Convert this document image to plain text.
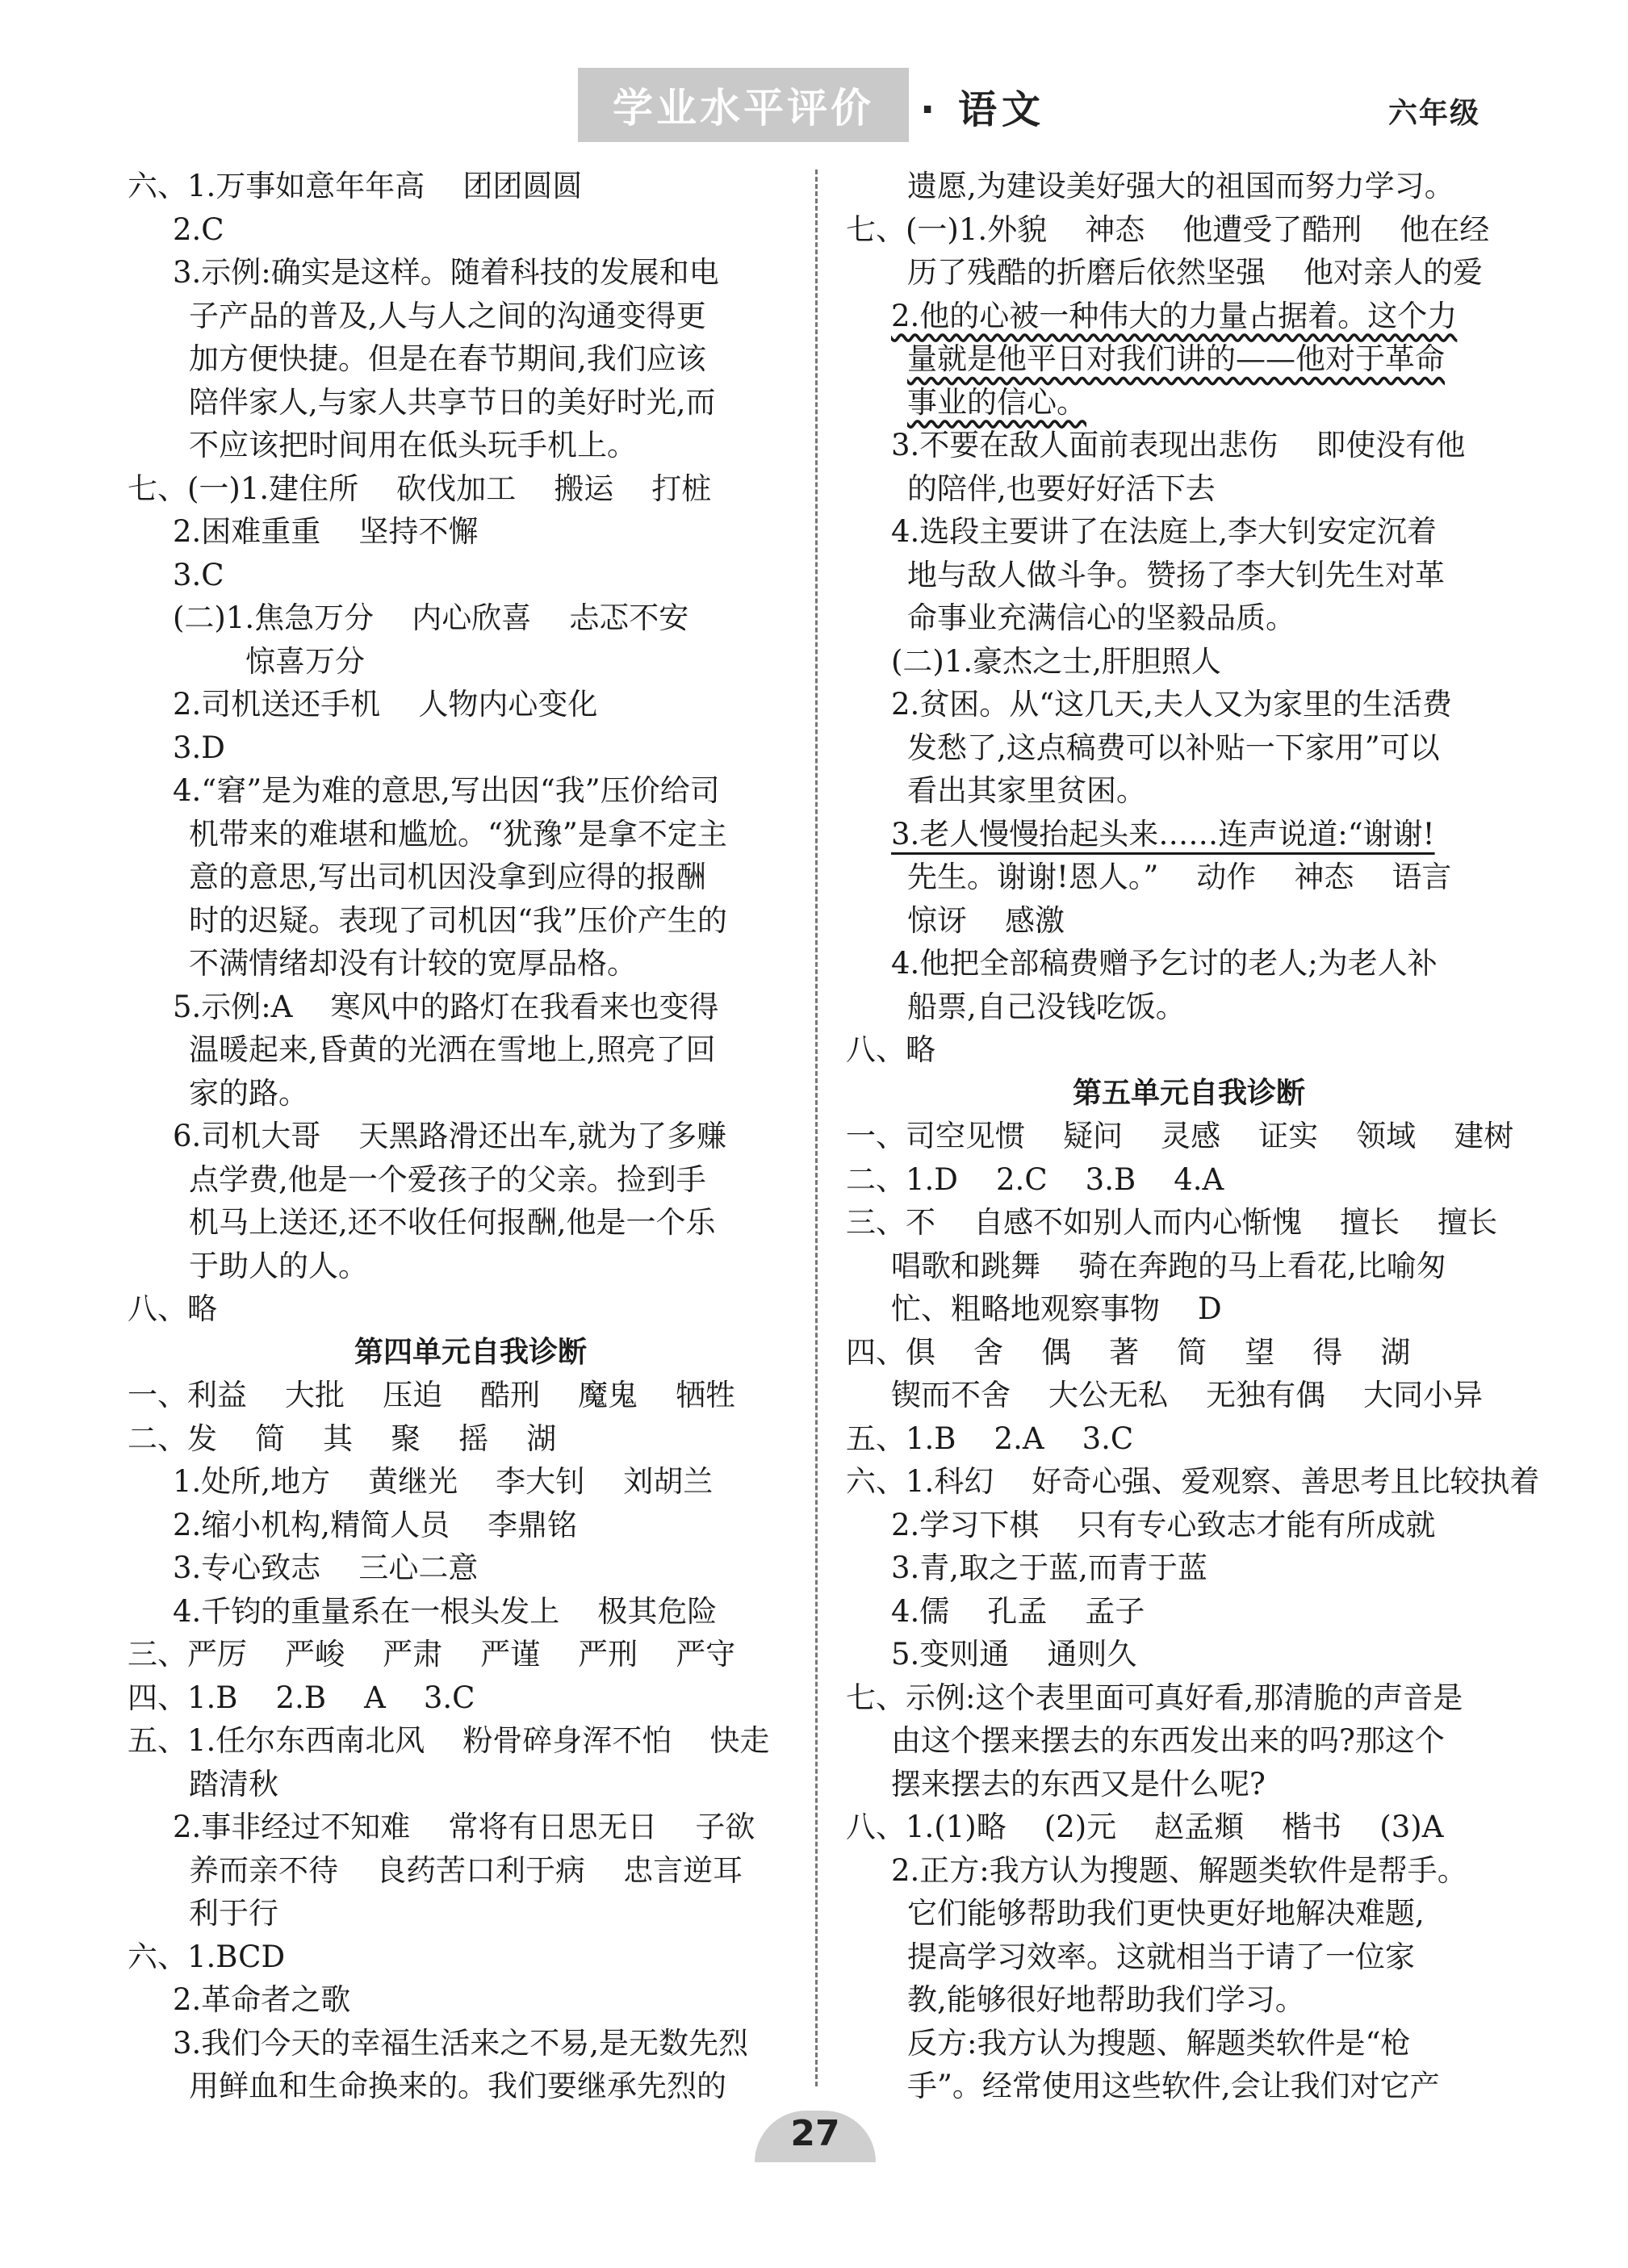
学业水平评价	· 语文	六年级
六、1.万事如意年年高    团团圆圆
2.C
3.示例:确实是这样。随着科技的发展和电
子产品的普及,人与人之间的沟通变得更
加方便快捷。但是在春节期间,我们应该
陪伴家人,与家人共享节日的美好时光,而
不应该把时间用在低头玩手机上。
七、(一)1.建住所    砍伐加工    搬运    打桩
2.困难重重    坚持不懈
3.C
(二)1.焦急万分    内心欣喜    忐忑不安
惊喜万分
2.司机送还手机    人物内心变化
3.D
4.“窘”是为难的意思,写出因“我”压价给司
机带来的难堪和尴尬。“犹豫”是拿不定主
意的意思,写出司机因没拿到应得的报酬
时的迟疑。表现了司机因“我”压价产生的
不满情绪却没有计较的宽厚品格。
5.示例:A    寒风中的路灯在我看来也变得
温暖起来,昏黄的光洒在雪地上,照亮了回
家的路。
6.司机大哥    天黑路滑还出车,就为了多赚
点学费,他是一个爱孩子的父亲。捡到手
机马上送还,还不收任何报酬,他是一个乐
于助人的人。
八、略
第四单元自我诊断
一、利益    大批    压迫    酷刑    魔鬼    牺牲
二、发    简    其    聚    摇    湖
1.处所,地方    黄继光    李大钊    刘胡兰
2.缩小机构,精简人员    李鼎铭
3.专心致志    三心二意
4.千钧的重量系在一根头发上    极其危险
三、严厉    严峻    严肃    严谨    严刑    严守
四、1.B    2.B    A    3.C
五、1.任尔东西南北风    粉骨碎身浑不怕    快走
踏清秋
2.事非经过不知难    常将有日思无日    子欲
养而亲不待    良药苦口利于病    忠言逆耳
利于行
六、1.BCD
2.革命者之歌
3.我们今天的幸福生活来之不易,是无数先烈
用鲜血和生命换来的。我们要继承先烈的
遗愿,为建设美好强大的祖国而努力学习。
七、(一)1.外貌    神态    他遭受了酷刑    他在经
历了残酷的折磨后依然坚强    他对亲人的爱
2.他的心被一种伟大的力量占据着。这个力
量就是他平日对我们讲的——他对于革命
事业的信心。
3.不要在敌人面前表现出悲伤    即使没有他
的陪伴,也要好好活下去
4.选段主要讲了在法庭上,李大钊安定沉着
地与敌人做斗争。赞扬了李大钊先生对革
命事业充满信心的坚毅品质。
(二)1.豪杰之士,肝胆照人
2.贫困。从“这几天,夫人又为家里的生活费
发愁了,这点稿费可以补贴一下家用”可以
看出其家里贫困。
3.老人慢慢抬起头来……连声说道:“谢谢!
先生。谢谢!恩人。”    动作    神态    语言
惊讶    感激
4.他把全部稿费赠予乞讨的老人;为老人补
船票,自己没钱吃饭。
八、略
第五单元自我诊断
一、司空见惯    疑问    灵感    证实    领域    建树
二、1.D    2.C    3.B    4.A
三、不    自感不如别人而内心惭愧    擅长    擅长
唱歌和跳舞    骑在奔跑的马上看花,比喻匆
忙、粗略地观察事物    D
四、俱    舍    偶    著    简    望    得    湖
锲而不舍    大公无私    无独有偶    大同小异
五、1.B    2.A    3.C
六、1.科幻    好奇心强、爱观察、善思考且比较执着
2.学习下棋    只有专心致志才能有所成就
3.青,取之于蓝,而青于蓝
4.儒    孔孟    孟子
5.变则通    通则久
七、示例:这个表里面可真好看,那清脆的声音是
由这个摆来摆去的东西发出来的吗?那这个
摆来摆去的东西又是什么呢?
八、1.(1)略    (2)元    赵孟頫    楷书    (3)A
2.正方:我方认为搜题、解题类软件是帮手。
它们能够帮助我们更快更好地解决难题,
提高学习效率。这就相当于请了一位家
教,能够很好地帮助我们学习。
反方:我方认为搜题、解题类软件是“枪
手”。经常使用这些软件,会让我们对它产
27
